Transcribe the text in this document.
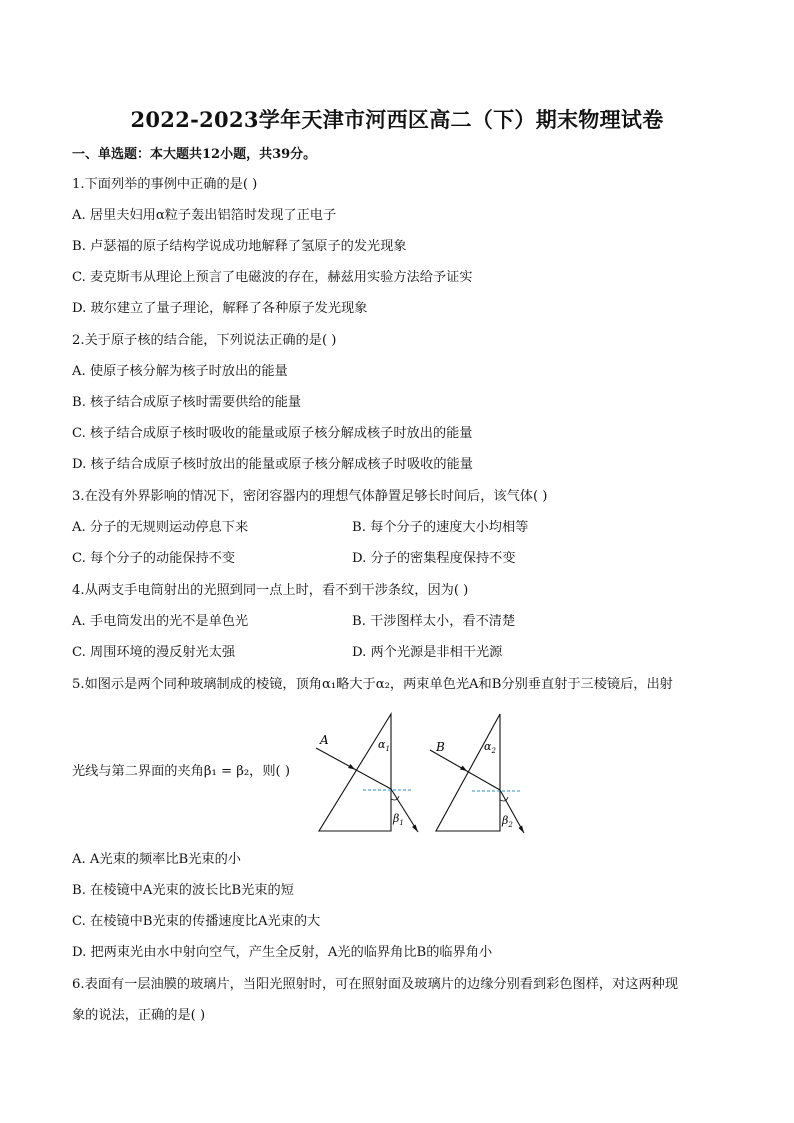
2022-2023学年天津市河西区高二（下）期末物理试卷
一、单选题：本大题共12小题，共39分。
1.下面列举的事例中正确的是( )
A. 居里夫妇用α粒子轰出铝箔时发现了正电子
B. 卢瑟福的原子结构学说成功地解释了氢原子的发光现象
C. 麦克斯韦从理论上预言了电磁波的存在，赫兹用实验方法给予证实
D. 玻尔建立了量子理论，解释了各种原子发光现象
2.关于原子核的结合能，下列说法正确的是( )
A. 使原子核分解为核子时放出的能量
B. 核子结合成原子核时需要供给的能量
C. 核子结合成原子核时吸收的能量或原子核分解成核子时放出的能量
D. 核子结合成原子核时放出的能量或原子核分解成核子时吸收的能量
3.在没有外界影响的情况下，密闭容器内的理想气体静置足够长时间后，该气体( )
A. 分子的无规则运动停息下来	B. 每个分子的速度大小均相等
C. 每个分子的动能保持不变	D. 分子的密集程度保持不变
4.从两支手电筒射出的光照到同一点上时，看不到干涉条纹，因为( )
A. 手电筒发出的光不是单色光	B. 干涉图样太小，看不清楚
C. 周围环境的漫反射光太强	D. 两个光源是非相干光源
5.如图示是两个同种玻璃制成的棱镜，顶角α₁略大于α₂，两束单色光A和B分别垂直射于三棱镜后，出射
光线与第二界面的夹角β₁ = β₂，则( )
A	$\alpha_1$
$\beta_1$
B	$\alpha_2$
$\beta_2$
A. A光束的频率比B光束的小
B. 在棱镜中A光束的波长比B光束的短
C. 在棱镜中B光束的传播速度比A光束的大
D. 把两束光由水中射向空气，产生全反射，A光的临界角比B的临界角小
6.表面有一层油膜的玻璃片，当阳光照射时，可在照射面及玻璃片的边缘分别看到彩色图样，对这两种现
象的说法，正确的是( )
